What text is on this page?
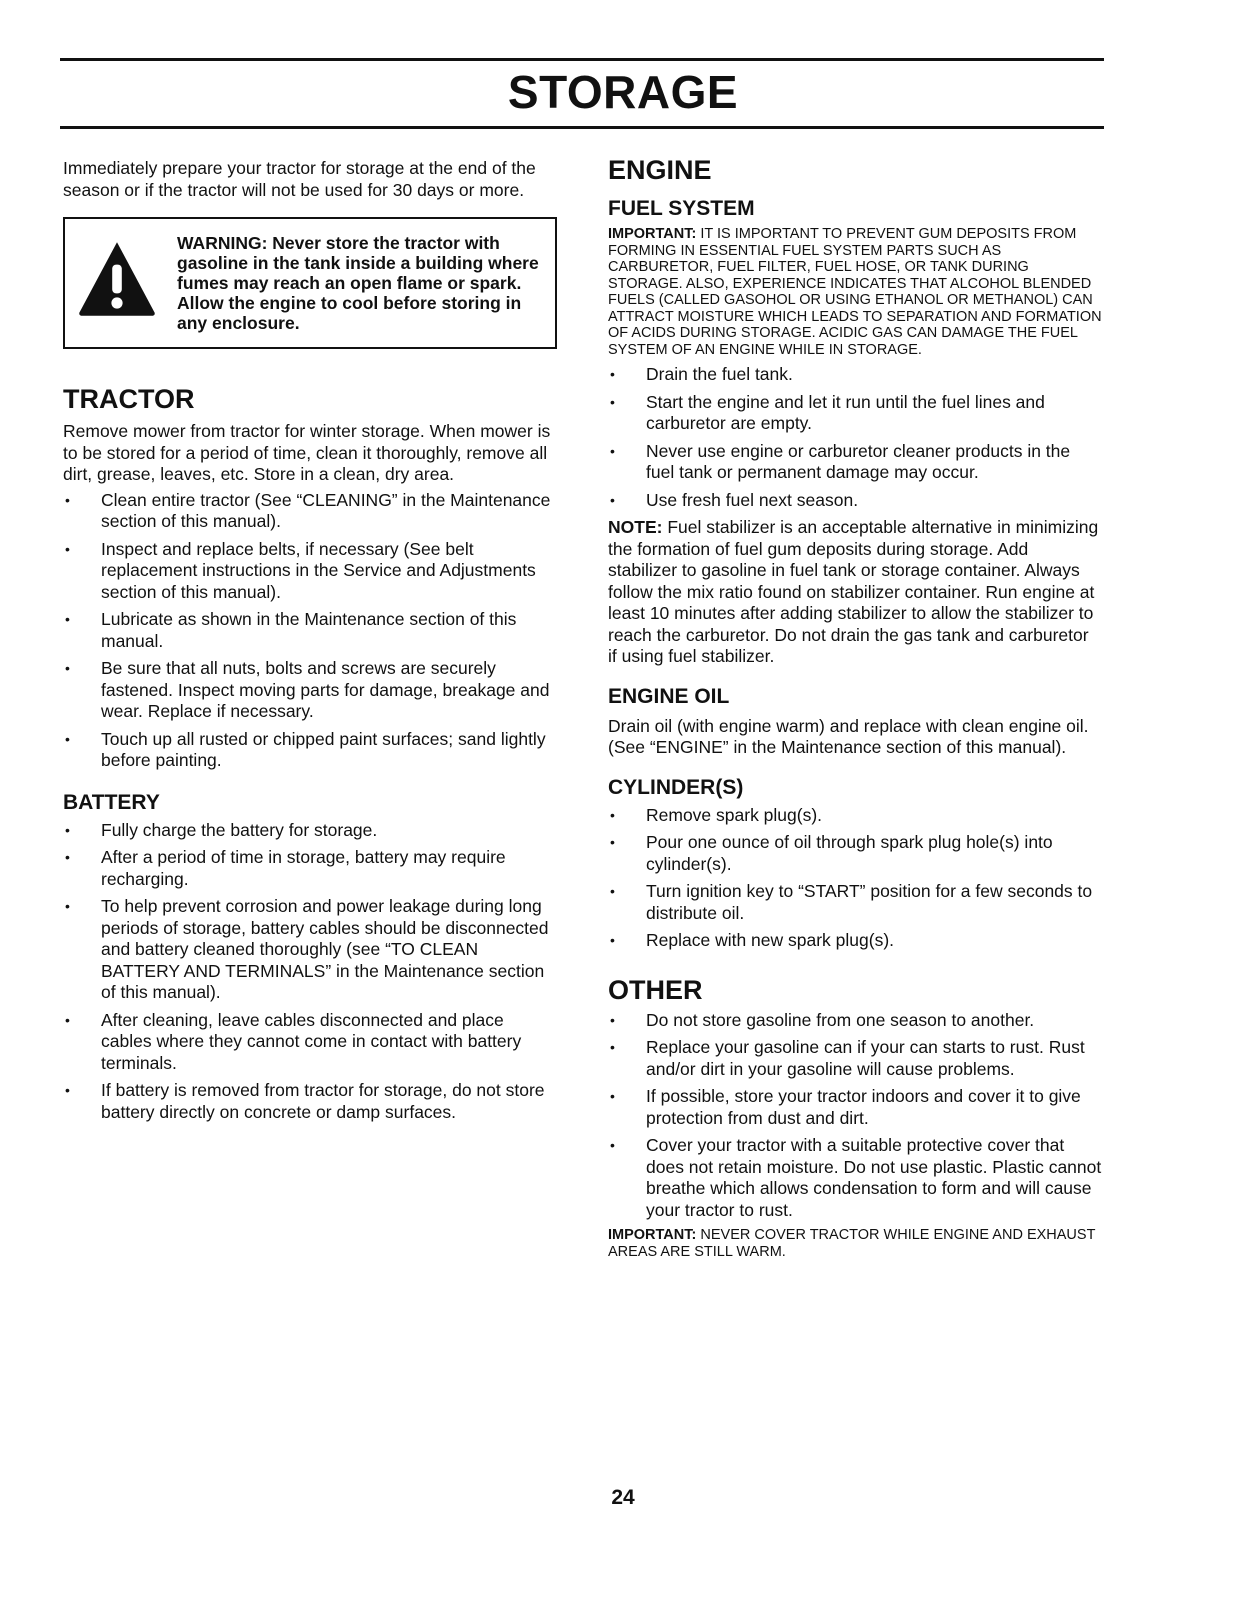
STORAGE

Immediately prepare your tractor for storage at the end of the season or if the tractor will not be used for 30 days or more.

WARNING: Never store the tractor with gasoline in the tank inside a building where fumes may reach an open flame or spark. Allow the engine to cool before storing in any enclosure.
TRACTOR

Remove mower from tractor for winter storage. When mower is to be stored for a period of time, clean it thoroughly, remove all dirt, grease, leaves, etc. Store in a clean, dry area.

• Clean entire tractor (See “CLEANING” in the Maintenance section of this manual).
• Inspect and replace belts, if necessary (See belt replacement instructions in the Service and Adjustments section of this manual).
• Lubricate as shown in the Maintenance section of this manual.
• Be sure that all nuts, bolts and screws are securely fastened. Inspect moving parts for damage, breakage and wear. Replace if necessary.
• Touch up all rusted or chipped paint surfaces; sand lightly before painting.
BATTERY
• Fully charge the battery for storage.
• After a period of time in storage, battery may require recharging.
• To help prevent corrosion and power leakage during long periods of storage, battery cables should be disconnected and battery cleaned thoroughly (see “TO CLEAN BATTERY AND TERMINALS” in the Maintenance section of this manual).
• After cleaning, leave cables disconnected and place cables where they cannot come in contact with battery terminals.
• If battery is removed from tractor for storage, do not store battery directly on concrete or damp surfaces.
ENGINE
FUEL SYSTEM

IMPORTANT: IT IS IMPORTANT TO PREVENT GUM DEPOSITS FROM FORMING IN ESSENTIAL FUEL SYSTEM PARTS SUCH AS CARBURETOR, FUEL FILTER, FUEL HOSE, OR TANK DURING STORAGE. ALSO, EXPERIENCE INDICATES THAT ALCOHOL BLENDED FUELS (CALLED GASOHOL OR USING ETHANOL OR METHANOL) CAN ATTRACT MOISTURE WHICH LEADS TO SEPARATION AND FORMATION OF ACIDS DURING STORAGE. ACIDIC GAS CAN DAMAGE THE FUEL SYSTEM OF AN ENGINE WHILE IN STORAGE.

• Drain the fuel tank.
• Start the engine and let it run until the fuel lines and carburetor are empty.
• Never use engine or carburetor cleaner products in the fuel tank or permanent damage may occur.
• Use fresh fuel next season.

NOTE: Fuel stabilizer is an acceptable alternative in minimizing the formation of fuel gum deposits during storage. Add stabilizer to gasoline in fuel tank or storage container. Always follow the mix ratio found on stabilizer container. Run engine at least 10 minutes after adding stabilizer to allow the stabilizer to reach the carburetor. Do not drain the gas tank and carburetor if using fuel stabilizer.

ENGINE OIL

Drain oil (with engine warm) and replace with clean engine oil. (See “ENGINE” in the Maintenance section of this manual).

CYLINDER(S)
• Remove spark plug(s).
• Pour one ounce of oil through spark plug hole(s) into cylinder(s).
• Turn ignition key to “START” position for a few seconds to distribute oil.
• Replace with new spark plug(s).
OTHER
• Do not store gasoline from one season to another.
• Replace your gasoline can if your can starts to rust. Rust and/or dirt in your gasoline will cause problems.
• If possible, store your tractor indoors and cover it to give protection from dust and dirt.
• Cover your tractor with a suitable protective cover that does not retain moisture. Do not use plastic. Plastic cannot breathe which allows condensation to form and will cause your tractor to rust.

IMPORTANT: NEVER COVER TRACTOR WHILE ENGINE AND EXHAUST AREAS ARE STILL WARM.

24
